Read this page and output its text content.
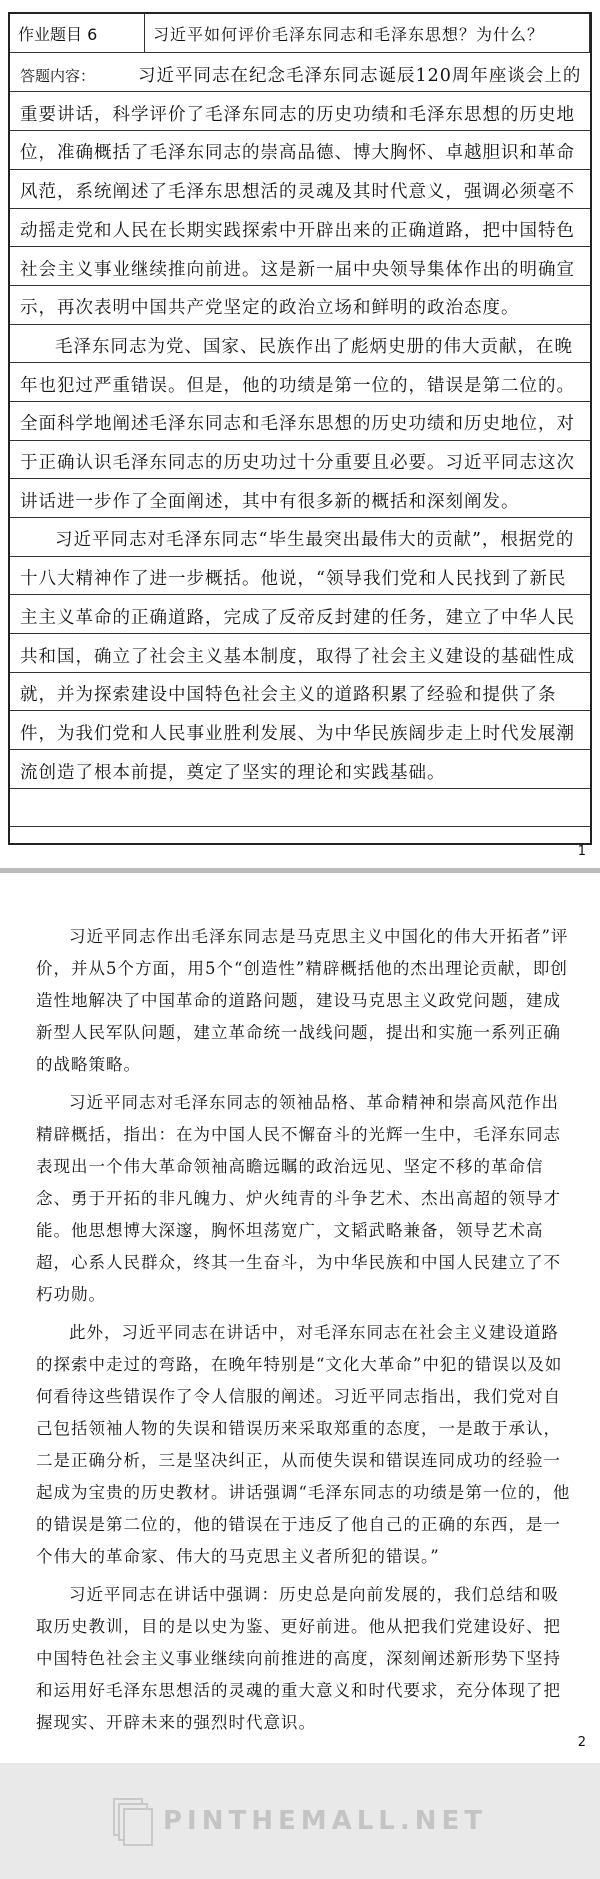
作业题目 6	习近平如何评价毛泽东同志和毛泽东思想？为什么？

答题内容： 习近平同志在纪念毛泽东同志诞辰120周年座谈会上的重要讲话，科学评价了毛泽东同志的历史功绩和毛泽东思想的历史地位，准确概括了毛泽东同志的崇高品德、博大胸怀、卓越胆识和革命风范，系统阐述了毛泽东思想活的灵魂及其时代意义，强调必须毫不动摇走党和人民在长期实践探索中开辟出来的正确道路，把中国特色社会主义事业继续推向前进。这是新一届中央领导集体作出的明确宣示，再次表明中国共产党坚定的政治立场和鲜明的政治态度。

毛泽东同志为党、国家、民族作出了彪炳史册的伟大贡献，在晚年也犯过严重错误。但是，他的功绩是第一位的，错误是第二位的。全面科学地阐述毛泽东同志和毛泽东思想的历史功绩和历史地位，对于正确认识毛泽东同志的历史功过十分重要且必要。习近平同志这次讲话进一步作了全面阐述，其中有很多新的概括和深刻阐发。

习近平同志对毛泽东同志“毕生最突出最伟大的贡献”，根据党的十八大精神作了进一步概括。他说，“领导我们党和人民找到了新民主主义革命的正确道路，完成了反帝反封建的任务，建立了中华人民共和国，确立了社会主义基本制度，取得了社会主义建设的基础性成就，并为探索建设中国特色社会主义的道路积累了经验和提供了条件，为我们党和人民事业胜利发展、为中华民族阔步走上时代发展潮流创造了根本前提，奠定了坚实的理论和实践基础。

1

习近平同志作出毛泽东同志是马克思主义中国化的伟大开拓者”评价，并从5个方面，用5个“创造性”精辟概括他的杰出理论贡献，即创造性地解决了中国革命的道路问题，建设马克思主义政党问题，建成新型人民军队问题，建立革命统一战线问题，提出和实施一系列正确的战略策略。

习近平同志对毛泽东同志的领袖品格、革命精神和崇高风范作出精辟概括，指出：在为中国人民不懈奋斗的光辉一生中，毛泽东同志表现出一个伟大革命领袖高瞻远瞩的政治远见、坚定不移的革命信念、勇于开拓的非凡魄力、炉火纯青的斗争艺术、杰出高超的领导才能。他思想博大深邃，胸怀坦荡宽广，文韬武略兼备，领导艺术高超，心系人民群众，终其一生奋斗，为中华民族和中国人民建立了不朽功勋。

此外，习近平同志在讲话中，对毛泽东同志在社会主义建设道路的探索中走过的弯路，在晚年特别是“文化大革命”中犯的错误以及如何看待这些错误作了令人信服的阐述。习近平同志指出，我们党对自己包括领袖人物的失误和错误历来采取郑重的态度，一是敢于承认，二是正确分析，三是坚决纠正，从而使失误和错误连同成功的经验一起成为宝贵的历史教材。讲话强调“毛泽东同志的功绩是第一位的，他的错误是第二位的，他的错误在于违反了他自己的正确的东西，是一个伟大的革命家、伟大的马克思主义者所犯的错误。”

习近平同志在讲话中强调：历史总是向前发展的，我们总结和吸取历史教训，目的是以史为鉴、更好前进。他从把我们党建设好、把中国特色社会主义事业继续向前推进的高度，深刻阐述新形势下坚持和运用好毛泽东思想活的灵魂的重大意义和时代要求，充分体现了把握现实、开辟未来的强烈时代意识。

2
PINTHEMALL.NET
